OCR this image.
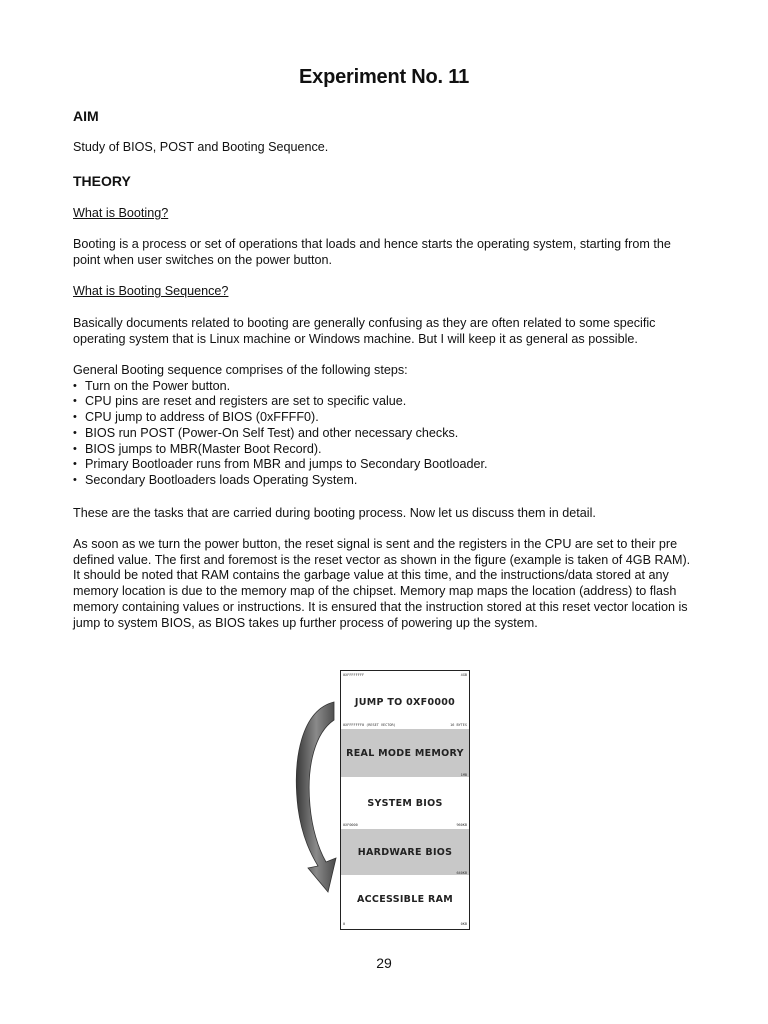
Experiment No. 11
AIM

Study of BIOS, POST and Booting Sequence.

THEORY

What is Booting?

Booting is a process or set of operations that loads and hence starts the operating system, starting from the point when user switches on the power button.

What is Booting Sequence?

Basically documents related to booting are generally confusing as they are often related to some specific operating system that is Linux machine or Windows machine. But I will keep it as general as possible.

General Booting sequence comprises of the following steps:
• Turn on the Power button.
• CPU pins are reset and registers are set to specific value.
• CPU jump to address of BIOS (0xFFFF0).
• BIOS run POST (Power-On Self Test) and other necessary checks.
• BIOS jumps to MBR(Master Boot Record).
• Primary Bootloader runs from MBR and jumps to Secondary Bootloader.
• Secondary Bootloaders loads Operating System.

These are the tasks that are carried during booting process. Now let us discuss them in detail.

As soon as we turn the power button, the reset signal is sent and the registers in the CPU are set to their pre defined value. The first and foremost is the reset vector as shown in the figure (example is taken of 4GB RAM). It should be noted that RAM contains the garbage value at this time, and the instructions/data stored at any memory location is due to the memory map of the chipset. Memory map maps the location (address) to flash memory containing values or instructions. It is ensured that the instruction stored at this reset vector location is jump to system BIOS, as BIOS takes up further process of powering up the system.

29
0XFFFFFFFF	4GB
JUMP TO 0XF0000
0XFFFFFFF0 (RESET VECTOR)	16 BYTES
REAL MODE MEMORY
1MB
SYSTEM BIOS
0XF0000	960KB
HARDWARE BIOS
640KB
ACCESSIBLE RAM
0	0KB
